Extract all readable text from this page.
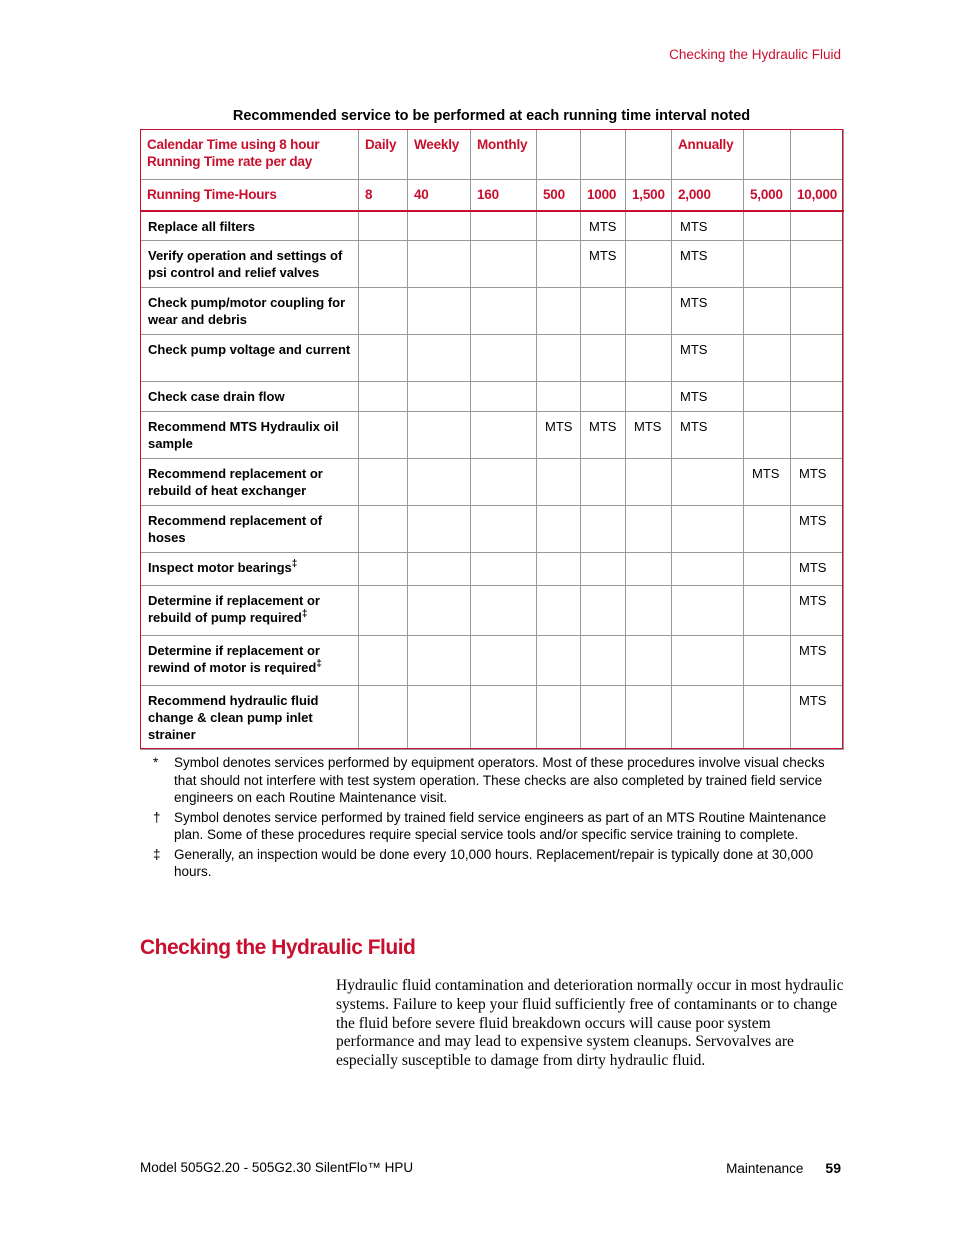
Checking the Hydraulic Fluid
Recommended service to be performed at each running time interval noted
Calendar Time using 8 hour Running Time rate per day	Daily	Weekly	Monthly				Annually		
Running Time-Hours	8	40	160	500	1000	1,500	2,000	5,000	10,000
Replace all filters					MTS		MTS		
Verify operation and settings of psi control and relief valves					MTS		MTS		
Check pump/motor coupling for wear and debris							MTS		
Check pump voltage and current							MTS		
Check case drain flow							MTS		
Recommend MTS Hydraulix oil sample				MTS	MTS	MTS	MTS		
Recommend replacement or rebuild of heat exchanger								MTS	MTS
Recommend replacement of hoses									MTS
Inspect motor bearings‡									MTS
Determine if replacement or rebuild of pump required‡									MTS
Determine if replacement or rewind of motor is required‡									MTS
Recommend hydraulic fluid change & clean pump inlet strainer									MTS
*	Symbol denotes services performed by equipment operators. Most of these procedures involve visual checks that should not interfere with test system operation. These checks are also completed by trained field service engineers on each Routine Maintenance visit.
† Symbol denotes service performed by trained field service engineers as part of an MTS Routine Maintenance plan. Some of these procedures require special service tools and/or specific service training to complete.
‡ Generally, an inspection would be done every 10,000 hours. Replacement/repair is typically done at 30,000 hours.
Checking the Hydraulic Fluid
Hydraulic fluid contamination and deterioration normally occur in most hydraulic systems. Failure to keep your fluid sufficiently free of contaminants or to change the fluid before severe fluid breakdown occurs will cause poor system performance and may lead to expensive system cleanups. Servovalves are especially susceptible to damage from dirty hydraulic fluid.
Model 505G2.20 - 505G2.30 SilentFlo™ HPU	Maintenance 59
